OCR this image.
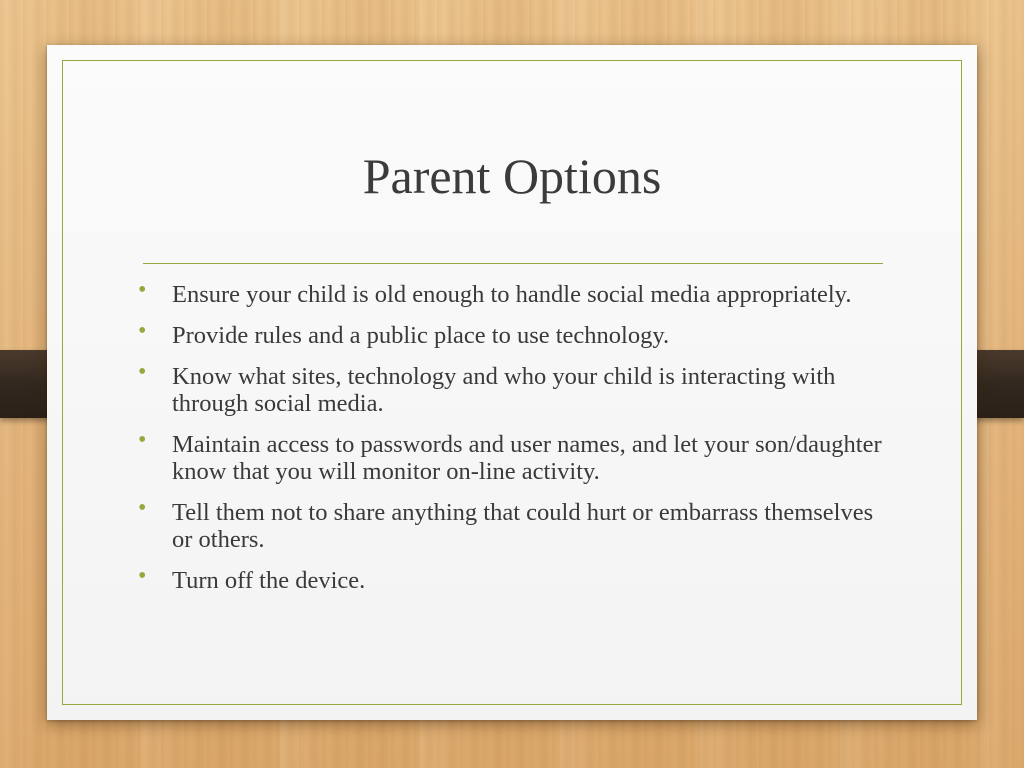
Parent Options
• Ensure your child is old enough to handle social media appropriately.
• Provide rules and a public place to use technology.
• Know what sites, technology and who your child is interacting with through social media.
• Maintain access to passwords and user names, and let your son/daughter know that you will monitor on-line activity.
• Tell them not to share anything that could hurt or embarrass themselves or others.
• Turn off the device.
